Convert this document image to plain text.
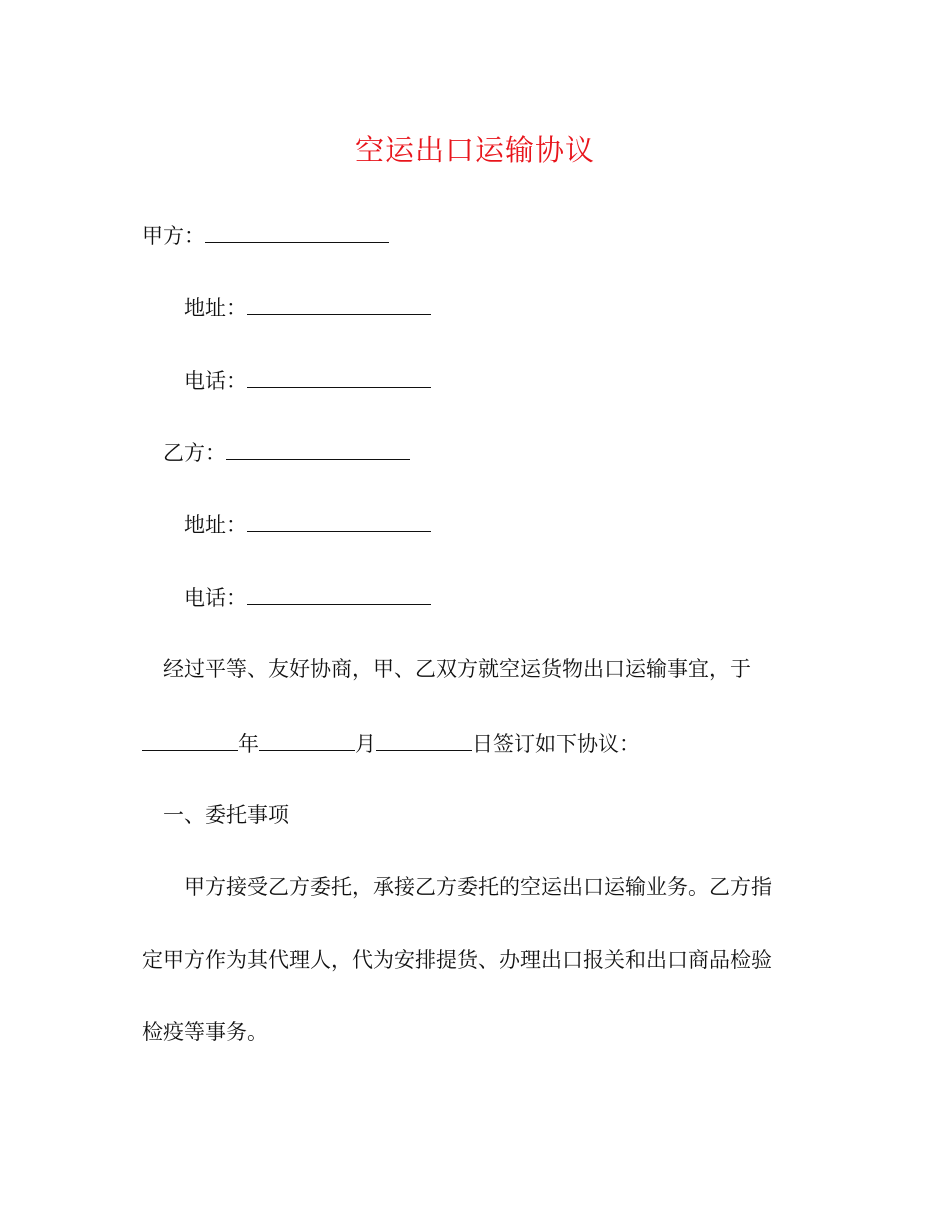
空运出口运输协议
甲方：
地址：
电话：
乙方：
地址：
电话：
经过平等、友好协商，甲、乙双方就空运货物出口运输事宜，于
年	月	日签订如下协议：
一、委托事项
甲方接受乙方委托，承接乙方委托的空运出口运输业务。乙方指
定甲方作为其代理人，代为安排提货、办理出口报关和出口商品检验
检疫等事务。
